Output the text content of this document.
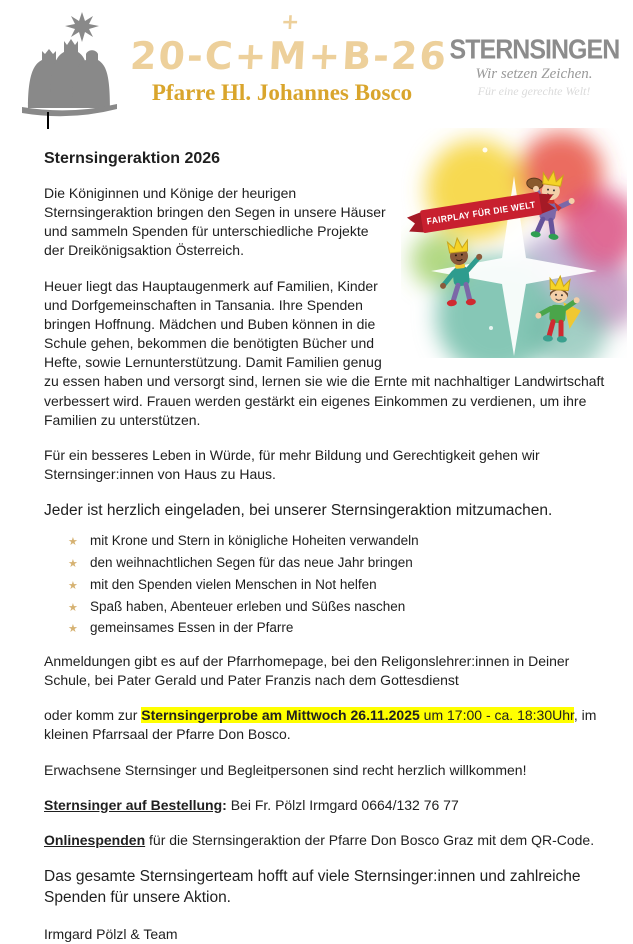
20-C+M
+
+B-26
Pfarre Hl. Johannes Bosco
STERNSINGEN
Wir setzen Zeichen.
Für eine gerechte Welt!
FAIRPLAY FÜR DIE WELT
Sternsingeraktion 2026

Die Königinnen und Könige der heurigen Sternsingeraktion bringen den Segen in unsere Häuser und sammeln Spenden für unterschiedliche Projekte der Dreikönigsaktion Österreich.

Heuer liegt das Hauptaugenmerk auf Familien, Kinder und Dorfgemeinschaften in Tansania. Ihre Spenden bringen Hoffnung. Mädchen und Buben können in die Schule gehen, bekommen die benötigten Bücher und Hefte, sowie Lernunterstützung. Damit Familien genug zu essen haben und versorgt sind, lernen sie wie die Ernte mit nachhaltiger Landwirtschaft verbessert wird. Frauen werden gestärkt ein eigenes Einkommen zu verdienen, um ihre Familien zu unterstützen.

Für ein besseres Leben in Würde, für mehr Bildung und Gerechtigkeit gehen wir Sternsinger:innen von Haus zu Haus.

Jeder ist herzlich eingeladen, bei unserer Sternsingeraktion mitzumachen.

★ mit Krone und Stern in königliche Hoheiten verwandeln
★ den weihnachtlichen Segen für das neue Jahr bringen
★ mit den Spenden vielen Menschen in Not helfen
★ Spaß haben, Abenteuer erleben und Süßes naschen
★ gemeinsames Essen in der Pfarre

Anmeldungen gibt es auf der Pfarrhomepage, bei den Religonslehrer:innen in Deiner Schule, bei Pater Gerald und Pater Franzis nach dem Gottesdienst

oder komm zur Sternsingerprobe am Mittwoch 26.11.2025 um 17:00 - ca. 18:30Uhr, im kleinen Pfarrsaal der Pfarre Don Bosco.

Erwachsene Sternsinger und Begleitpersonen sind recht herzlich willkommen!

Sternsinger auf Bestellung: Bei Fr. Pölzl Irmgard 0664/132 76 77

Onlinespenden für die Sternsingeraktion der Pfarre Don Bosco Graz mit dem QR-Code.

Das gesamte Sternsingerteam hofft auf viele Sternsinger:innen und zahlreiche Spenden für unsere Aktion.

Irmgard Pölzl & Team
